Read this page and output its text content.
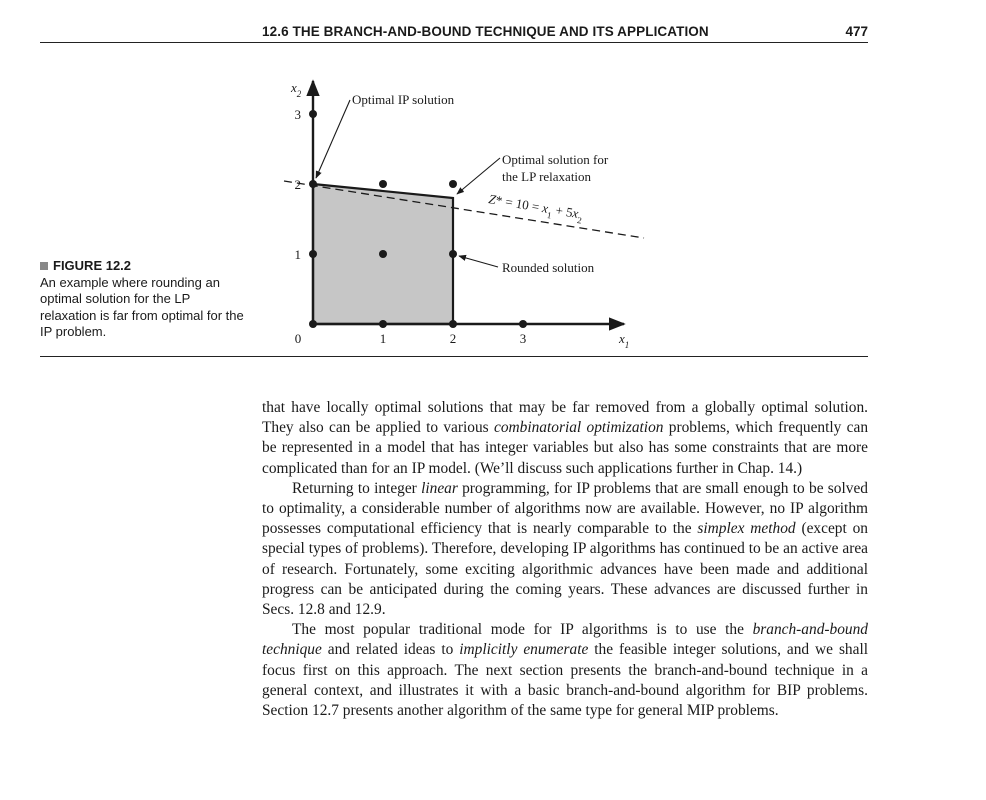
12.6 THE BRANCH-AND-BOUND TECHNIQUE AND ITS APPLICATION	477
0	1	2	3
1
2
3
$x_1$
$x_2$	Optimal IP solution
Optimal solution for
the LP relaxation
Rounded solution
$Z* = 10 = x_1 + 5x_2$
FIGURE 12.2
An example where rounding an optimal solution for the LP relaxation is far from optimal for the IP problem.

that have locally optimal solutions that may be far removed from a globally optimal solution. They also can be applied to various combinatorial optimization problems, which frequently can be represented in a model that has integer variables but also has some constraints that are more complicated than for an IP model. (We’ll discuss such applications further in Chap. 14.)

Returning to integer linear programming, for IP problems that are small enough to be solved to optimality, a considerable number of algorithms now are available. However, no IP algorithm possesses computational efficiency that is nearly comparable to the simplex method (except on special types of problems). Therefore, developing IP algorithms has continued to be an active area of research. Fortunately, some exciting algorithmic advances have been made and additional progress can be anticipated during the coming years. These advances are discussed further in Secs. 12.8 and 12.9.

The most popular traditional mode for IP algorithms is to use the branch-and-bound technique and related ideas to implicitly enumerate the feasible integer solutions, and we shall focus first on this approach. The next section presents the branch-and-bound technique in a general context, and illustrates it with a basic branch-and-bound algorithm for BIP problems. Section 12.7 presents another algorithm of the same type for general MIP problems.
